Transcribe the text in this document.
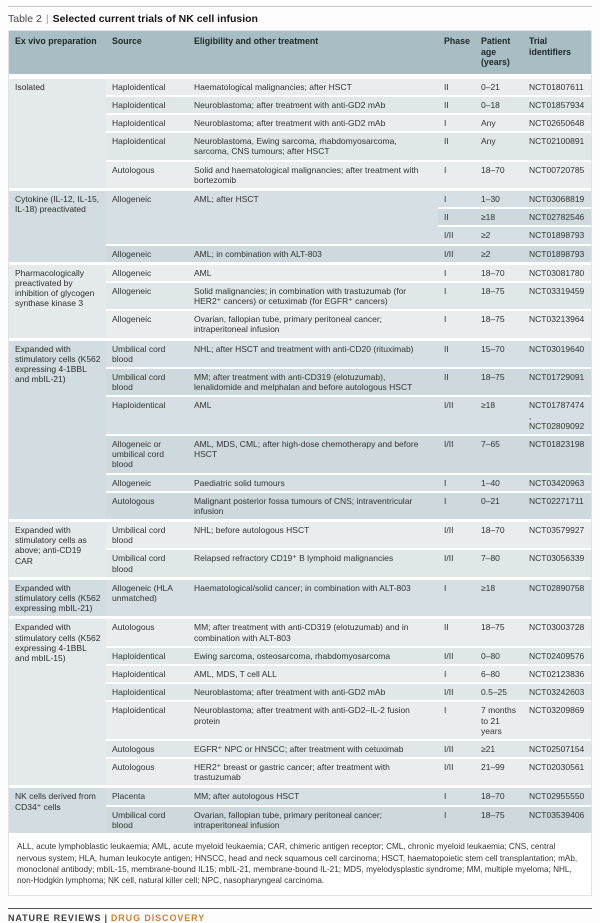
Table 2 | Selected current trials of NK cell infusion
Ex vivo preparation	Source	Eligibility and other treatment	Phase	Patient age (years)	Trial identifiers
Isolated	Haploidentical	Haematological malignancies; after HSCT	II	0–21	NCT01807611
	Haploidentical	Neuroblastoma; after treatment with anti-GD2 mAb	II	0–18	NCT01857934
	Haploidentical	Neuroblastoma; after treatment with anti-GD2 mAb	I	Any	NCT02650648
	Haploidentical	Neuroblastoma, Ewing sarcoma, rhabdomyosarcoma, sarcoma, CNS tumours; after HSCT	II	Any	NCT02100891
	Autologous	Solid and haematological malignancies; after treatment with bortezomib	I	18–70	NCT00720785
Cytokine (IL-12, IL-15, IL-18) preactivated	Allogeneic	AML; after HSCT	I	1–30	NCT03068819
			II	≥18	NCT02782546
			I/II	≥2	NCT01898793
	Allogeneic	AML; in combination with ALT-803	I/II	≥2	NCT01898793
Pharmacologically preactivated by inhibition of glycogen synthase kinase 3	Allogeneic	AML	I	18–70	NCT03081780
	Allogeneic	Solid malignancies; in combination with trastuzumab (for HER2⁺ cancers) or cetuximab (for EGFR⁺ cancers)	I	18–75	NCT03319459
	Allogeneic	Ovarian, fallopian tube, primary peritoneal cancer; intraperitoneal infusion	I	18–75	NCT03213964
Expanded with stimulatory cells (K562 expressing 4-1BBL and mbIL-21)	Umbilical cord blood	NHL; after HSCT and treatment with anti-CD20 (rituximab)	II	15–70	NCT03019640
	Umbilical cord blood	MM; after treatment with anti-CD319 (elotuzumab), lenalidomide and melphalan and before autologous HSCT	II	18–75	NCT01729091
	Haploidentical	AML	I/II	≥18	NCT01787474, NCT02809092
	Allogeneic or umbilical cord blood	AML, MDS, CML; after high-dose chemotherapy and before HSCT	I/II	7–65	NCT01823198
	Allogeneic	Paediatric solid tumours	I	1–40	NCT03420963
	Autologous	Malignant posterior fossa tumours of CNS; intraventricular infusion	I	0–21	NCT02271711
Expanded with stimulatory cells as above; anti-CD19 CAR	Umbilical cord blood	NHL; before autologous HSCT	I/II	18–70	NCT03579927
	Umbilical cord blood	Relapsed refractory CD19⁺ B lymphoid malignancies	I/II	7–80	NCT03056339
Expanded with stimulatory cells (K562 expressing mbIL-21)	Allogeneic (HLA unmatched)	Haematological/solid cancer; in combination with ALT-803	I	≥18	NCT02890758
Expanded with stimulatory cells (K562 expressing 4-1BBL and mbIL-15)	Autologous	MM; after treatment with anti-CD319 (elotuzumab) and in combination with ALT-803	II	18–75	NCT03003728
	Haploidentical	Ewing sarcoma, osteosarcoma, rhabdomyosarcoma	I/II	0–80	NCT02409576
	Haploidentical	AML, MDS, T cell ALL	I	6–80	NCT02123836
	Haploidentical	Neuroblastoma; after treatment with anti-GD2 mAb	I/II	0.5–25	NCT03242603
	Haploidentical	Neuroblastoma; after treatment with anti-GD2–IL-2 fusion protein	I	7 months to 21 years	NCT03209869
	Autologous	EGFR⁺ NPC or HNSCC; after treatment with cetuximab	I/II	≥21	NCT02507154
	Autologous	HER2⁺ breast or gastric cancer; after treatment with trastuzumab	I/II	21–99	NCT02030561
NK cells derived from CD34⁺ cells	Placenta	MM; after autologous HSCT	I	18–70	NCT02955550
	Umbilical cord blood	Ovarian, fallopian tube, primary peritoneal cancer; intraperitoneal infusion	I	18–75	NCT03539406
ALL, acute lymphoblastic leukaemia; AML, acute myeloid leukaemia; CAR, chimeric antigen receptor; CML, chronic myeloid leukaemia; CNS, central nervous system; HLA, human leukocyte antigen; HNSCC, head and neck squamous cell carcinoma; HSCT, haematopoietic stem cell transplantation; mAb, monoclonal antibody; mbIL-15, membrane-bound IL15; mbIL-21, membrane-bound IL-21; MDS, myelodysplastic syndrome; MM, multiple myeloma; NHL, non-Hodgkin lymphoma; NK cell, natural killer cell; NPC, nasopharyngeal carcinoma.
NATURE REVIEWS | DRUG DISCOVERY
